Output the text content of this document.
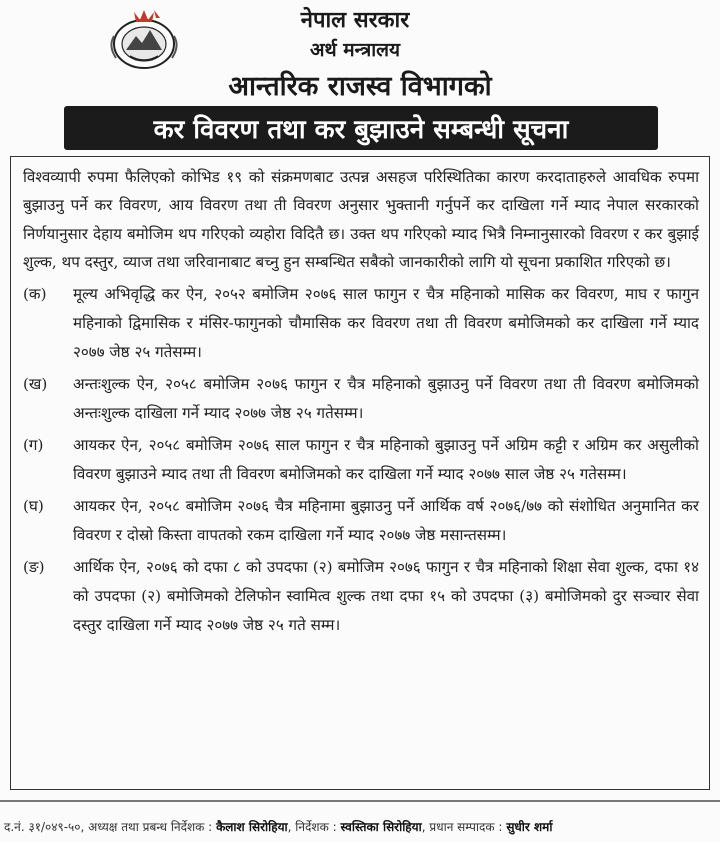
नेपाल सरकार
अर्थ मन्त्रालय
आन्तरिक राजस्व विभागको
कर विवरण तथा कर बुझाउने सम्बन्धी सूचना

विश्वव्यापी रुपमा फैलिएको कोभिड १९ को संक्रमणबाट उत्पन्न असहज परिस्थितिका कारण करदाताहरुले आवधिक रुपमा बुझाउनु पर्ने कर विवरण, आय विवरण तथा ती विवरण अनुसार भुक्तानी गर्नुपर्ने कर दाखिला गर्ने म्याद नेपाल सरकारको निर्णयानुसार देहाय बमोजिम थप गरिएको व्यहोरा विदितै छ। उक्त थप गरिएको म्याद भित्रै निम्नानुसारको विवरण र कर बुझाई शुल्क, थप दस्तुर, व्याज तथा जरिवानाबाट बच्नु हुन सम्बन्धित सबैको जानकारीको लागि यो सूचना प्रकाशित गरिएको छ।

(क) मूल्य अभिवृद्धि कर ऐन, २०५२ बमोजिम २०७६ साल फागुन र चैत्र महिनाको मासिक कर विवरण, माघ र फागुन महिनाको द्विमासिक र मंसिर-फागुनको चौमासिक कर विवरण तथा ती विवरण बमोजिमको कर दाखिला गर्ने म्याद २०७७ जेष्ठ २५ गतेसम्म।
(ख) अन्तःशुल्क ऐन, २०५८ बमोजिम २०७६ फागुन र चैत्र महिनाको बुझाउनु पर्ने विवरण तथा ती विवरण बमोजिमको अन्तःशुल्क दाखिला गर्ने म्याद २०७७ जेष्ठ २५ गतेसम्म।
(ग) आयकर ऐन, २०५८ बमोजिम २०७६ साल फागुन र चैत्र महिनाको बुझाउनु पर्ने अग्रिम कट्टी र अग्रिम कर असुलीको विवरण बुझाउने म्याद तथा ती विवरण बमोजिमको कर दाखिला गर्ने म्याद २०७७ साल जेष्ठ २५ गतेसम्म।
(घ) आयकर ऐन, २०५८ बमोजिम २०७६ चैत्र महिनामा बुझाउनु पर्ने आर्थिक वर्ष २०७६/७७ को संशोधित अनुमानित कर विवरण र दोस्रो किस्ता वापतको रकम दाखिला गर्ने म्याद २०७७ जेष्ठ मसान्तसम्म।
(ङ) आर्थिक ऐन, २०७६ को दफा ८ को उपदफा (२) बमोजिम २०७६ फागुन र चैत्र महिनाको शिक्षा सेवा शुल्क, दफा १४ को उपदफा (२) बमोजिमको टेलिफोन स्वामित्व शुल्क तथा दफा १५ को उपदफा (३) बमोजिमको दुर सञ्चार सेवा दस्तुर दाखिला गर्ने म्याद २०७७ जेष्ठ २५ गते सम्म।
द.नं. ३१/०४९-५०, अध्यक्ष तथा प्रबन्ध निर्देशक : कैलाश सिरोहिया, निर्देशक : स्वस्तिका सिरोहिया, प्रधान सम्पादक : सुधीर शर्मा
